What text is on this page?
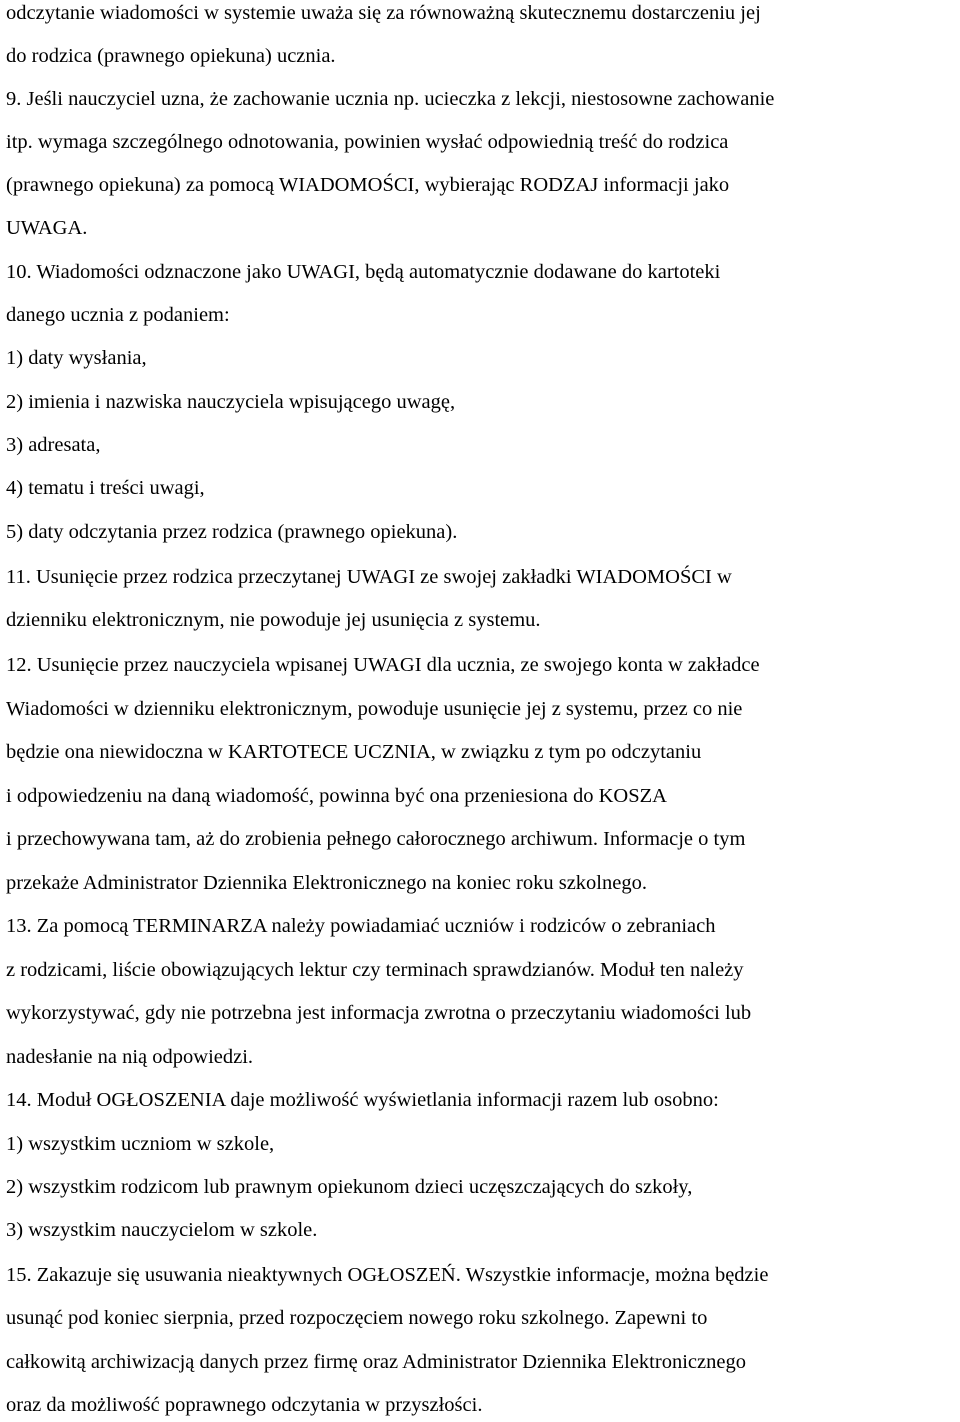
odczytanie wiadomości w systemie uważa się za równoważną skutecznemu dostarczeniu jej
do rodzica (prawnego opiekuna) ucznia.
9. Jeśli nauczyciel uzna, że zachowanie ucznia np. ucieczka z lekcji, niestosowne zachowanie
itp. wymaga szczególnego odnotowania, powinien wysłać odpowiednią treść do rodzica
(prawnego opiekuna) za pomocą WIADOMOŚCI, wybierając RODZAJ informacji jako
UWAGA.
10. Wiadomości odznaczone jako UWAGI, będą automatycznie dodawane do kartoteki
danego ucznia z podaniem:
1) daty wysłania,
2) imienia i nazwiska nauczyciela wpisującego uwagę,
3) adresata,
4) tematu i treści uwagi,
5) daty odczytania przez rodzica (prawnego opiekuna).
11. Usunięcie przez rodzica przeczytanej UWAGI ze swojej zakładki WIADOMOŚCI w
dzienniku elektronicznym, nie powoduje jej usunięcia z systemu.
12. Usunięcie przez nauczyciela wpisanej UWAGI dla ucznia, ze swojego konta w zakładce
Wiadomości w dzienniku elektronicznym, powoduje usunięcie jej z systemu, przez co nie
będzie ona niewidoczna w KARTOTECE UCZNIA, w związku z tym po odczytaniu
i odpowiedzeniu na daną wiadomość, powinna być ona przeniesiona do KOSZA
i przechowywana tam, aż do zrobienia pełnego całorocznego archiwum. Informacje o tym
przekaże Administrator Dziennika Elektronicznego na koniec roku szkolnego.
13. Za pomocą TERMINARZA należy powiadamiać uczniów i rodziców o zebraniach
z rodzicami, liście obowiązujących lektur czy terminach sprawdzianów. Moduł ten należy
wykorzystywać, gdy nie potrzebna jest informacja zwrotna o przeczytaniu wiadomości lub
nadesłanie na nią odpowiedzi.
14. Moduł OGŁOSZENIA daje możliwość wyświetlania informacji razem lub osobno:
1) wszystkim uczniom w szkole,
2) wszystkim rodzicom lub prawnym opiekunom dzieci uczęszczających do szkoły,
3) wszystkim nauczycielom w szkole.
15. Zakazuje się usuwania nieaktywnych OGŁOSZEŃ. Wszystkie informacje, można będzie
usunąć pod koniec sierpnia, przed rozpoczęciem nowego roku szkolnego. Zapewni to
całkowitą archiwizacją danych przez firmę oraz Administrator Dziennika Elektronicznego
oraz da możliwość poprawnego odczytania w przyszłości.
